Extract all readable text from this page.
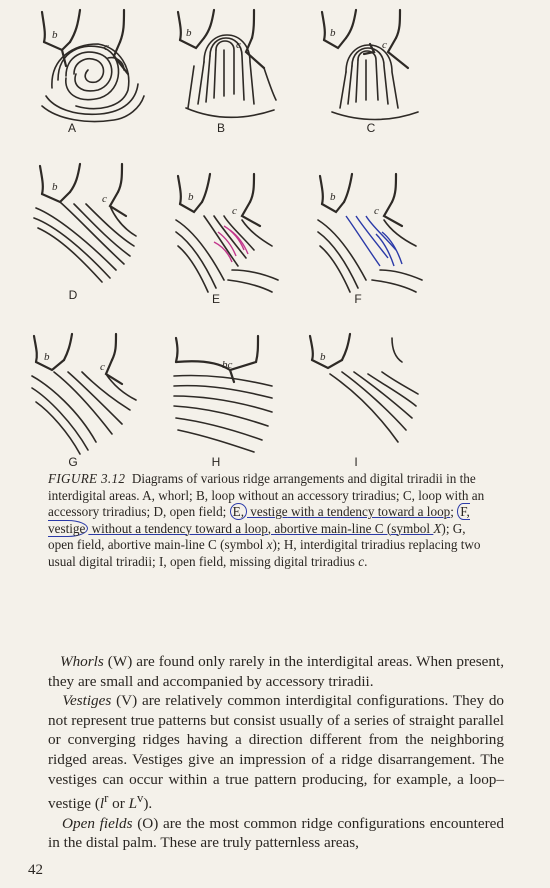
b
c
A
b
c
B
b
c
C
b
c
D
b
c
E
b
c
F
b
c
G
bc
H
b
I
FIGURE 3.12 Diagrams of various ridge arrangements and digital triradii in the interdigital areas. A, whorl; B, loop without an accessory triradius; C, loop with an accessory triradius; D, open field; E, vestige with a tendency toward a loop; F, vestige without a tendency toward a loop, abortive main-line C (symbol X); G, open field, abortive main-line C (symbol x); H, interdigital triradius replacing two usual digital triradii; I, open field, missing digital triradius c.

Whorls (W) are found only rarely in the interdigital areas. When present, they are small and accompanied by accessory triradii.

Vestiges (V) are relatively common interdigital configurations. They do not represent true patterns but consist usually of a series of straight parallel or converging ridges having a direction different from the neighboring ridged areas. Vestiges give an impression of a ridge disarrangement. The vestiges can occur within a true pattern producing, for example, a loop–vestige ($l^r$ or $L^v$).

Open fields (O) are the most common ridge configurations encountered in the distal palm. These are truly patternless areas,

42
